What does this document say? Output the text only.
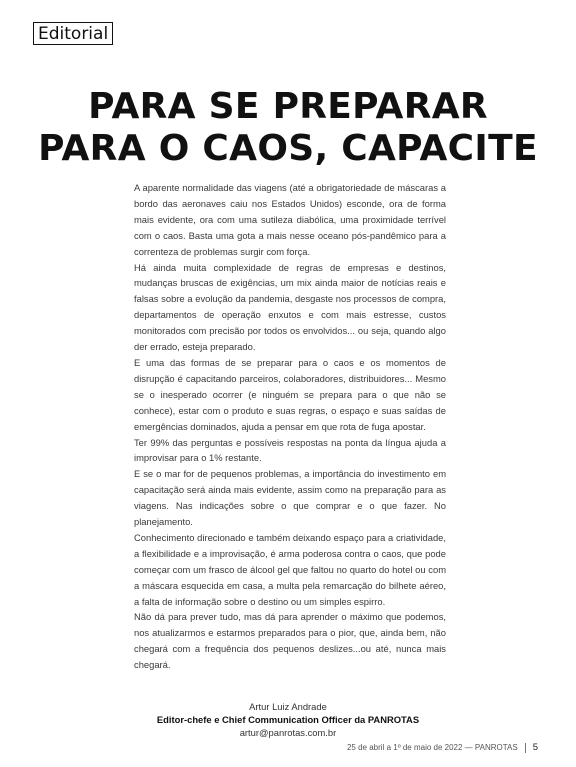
Editorial
PARA SE PREPARAR
PARA O CAOS, CAPACITE

A aparente normalidade das viagens (até a obrigatoriedade de máscaras a bordo das aeronaves caiu nos Estados Unidos) esconde, ora de forma mais evidente, ora com uma sutileza diabólica, uma proximidade terrível com o caos. Basta uma gota a mais nesse oceano pós-pandêmico para a correnteza de problemas surgir com força.

Há ainda muita complexidade de regras de empresas e destinos, mudanças bruscas de exigências, um mix ainda maior de notícias reais e falsas sobre a evolução da pandemia, desgaste nos processos de compra, departamentos de operação enxutos e com mais estresse, custos monitorados com precisão por todos os envolvidos... ou seja, quando algo der errado, esteja preparado.

E uma das formas de se preparar para o caos e os momentos de disrupção é capacitando parceiros, colaboradores, distribuidores... Mesmo se o inesperado ocorrer (e ninguém se prepara para o que não se conhece), estar com o produto e suas regras, o espaço e suas saídas de emergências dominados, ajuda a pensar em que rota de fuga apostar.

Ter 99% das perguntas e possíveis respostas na ponta da língua ajuda a improvisar para o 1% restante.

E se o mar for de pequenos problemas, a importância do investimento em capacitação será ainda mais evidente, assim como na preparação para as viagens. Nas indicações sobre o que comprar e o que fazer. No planejamento.

Conhecimento direcionado e também deixando espaço para a criatividade, a flexibilidade e a improvisação, é arma poderosa contra o caos, que pode começar com um frasco de álcool gel que faltou no quarto do hotel ou com a máscara esquecida em casa, a multa pela remarcação do bilhete aéreo, a falta de informação sobre o destino ou um simples espirro.

Não dá para prever tudo, mas dá para aprender o máximo que podemos, nos atualizarmos e estarmos preparados para o pior, que, ainda bem, não chegará com a frequência dos pequenos deslizes...ou até, nunca mais chegará.

Artur Luiz Andrade
Editor-chefe e Chief Communication Officer da PANROTAS
artur@panrotas.com.br
25 de abril a 1º de maio de 2022 — PANROTAS 5
